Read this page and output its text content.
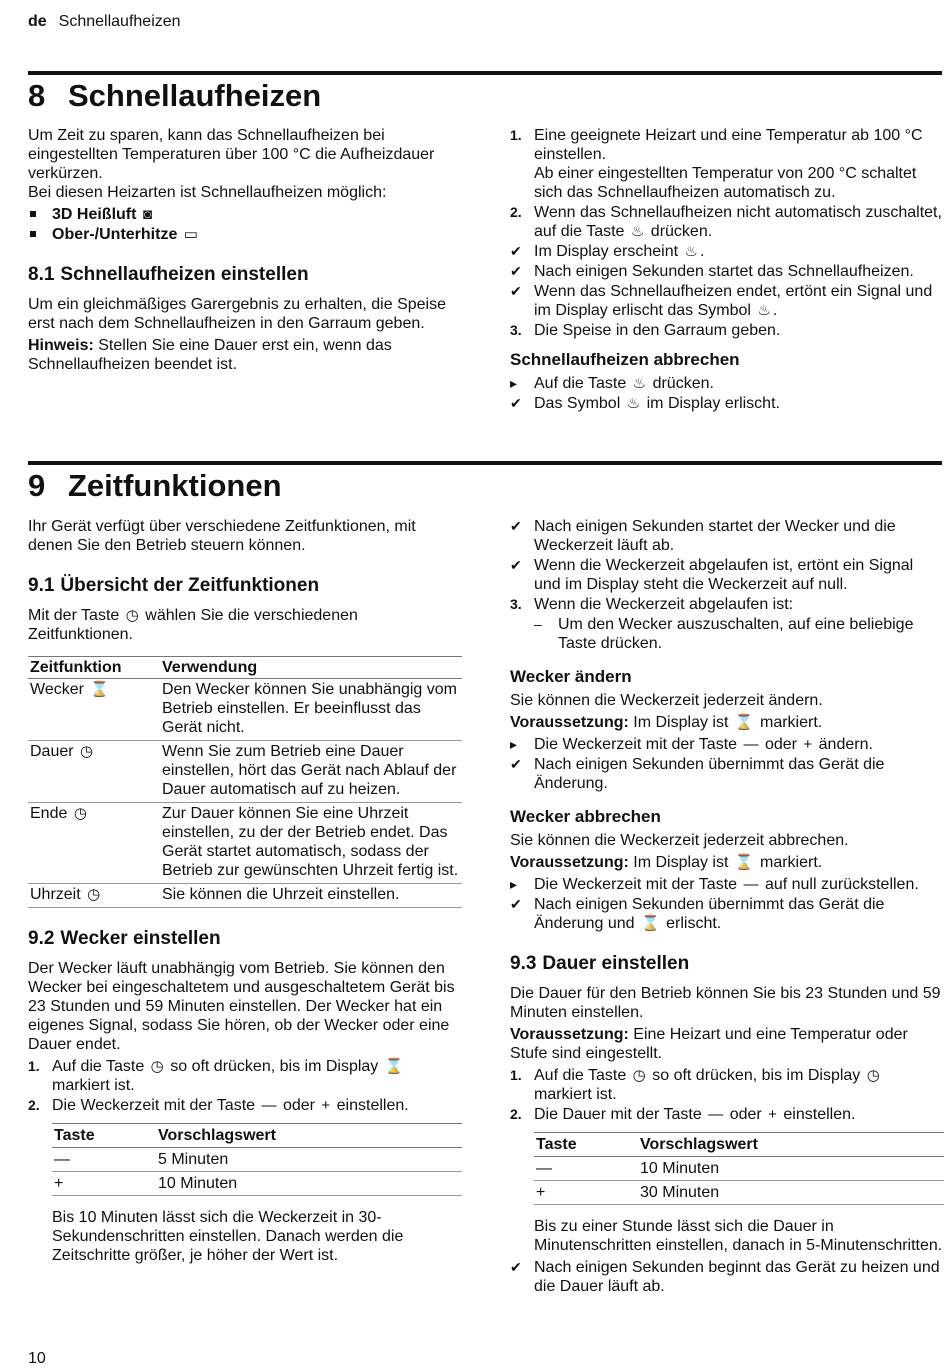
de Schnellaufheizen
8 Schnellaufheizen

Um Zeit zu sparen, kann das Schnellaufheizen bei eingestellten Temperaturen über 100 °C die Aufheizdauer verkürzen.

Bei diesen Heizarten ist Schnellaufheizen möglich:

3D Heißluft ◙
Ober-/Unterhitze ▭
8.1 Schnellaufheizen einstellen

Um ein gleichmäßiges Garergebnis zu erhalten, die Speise erst nach dem Schnellaufheizen in den Garraum geben.

Hinweis: Stellen Sie eine Dauer erst ein, wenn das Schnellaufheizen beendet ist.

1. Eine geeignete Heizart und eine Temperatur ab 100 °C einstellen.
Ab einer eingestellten Temperatur von 200 °C schaltet sich das Schnellaufheizen automatisch zu.
2. Wenn das Schnellaufheizen nicht automatisch zuschaltet, auf die Taste ♨ drücken.
✔ Im Display erscheint ♨ .
✔ Nach einigen Sekunden startet das Schnellaufheizen.
✔ Wenn das Schnellaufheizen endet, ertönt ein Signal und im Display erlischt das Symbol ♨ .
3. Die Speise in den Garraum geben.
Schnellaufheizen abbrechen
▸	Auf die Taste ♨ drücken.
✔ Das Symbol ♨ im Display erlischt.
9 Zeitfunktionen

Ihr Gerät verfügt über verschiedene Zeitfunktionen, mit denen Sie den Betrieb steuern können.

9.1 Übersicht der Zeitfunktionen

Mit der Taste ◷ wählen Sie die verschiedenen Zeitfunktionen.

Zeitfunktion	Verwendung
Wecker ⌛	Den Wecker können Sie unabhängig vom Betrieb einstellen. Er beeinflusst das Gerät nicht.
Dauer ◷	Wenn Sie zum Betrieb eine Dauer einstellen, hört das Gerät nach Ablauf der Dauer automatisch auf zu heizen.
Ende ◷	Zur Dauer können Sie eine Uhrzeit einstellen, zu der der Betrieb endet. Das Gerät startet automatisch, sodass der Betrieb zur gewünschten Uhrzeit fertig ist.
Uhrzeit ◷	Sie können die Uhrzeit einstellen.
9.2 Wecker einstellen

Der Wecker läuft unabhängig vom Betrieb. Sie können den Wecker bei eingeschaltetem und ausgeschaltetem Gerät bis 23 Stunden und 59 Minuten einstellen. Der Wecker hat ein eigenes Signal, sodass Sie hören, ob der Wecker oder eine Dauer endet.

1. Auf die Taste ◷ so oft drücken, bis im Display ⌛ markiert ist.
2. Die Weckerzeit mit der Taste — oder + einstellen.
Taste	Vorschlagswert
—	5 Minuten
+	10 Minuten

Bis 10 Minuten lässt sich die Weckerzeit in 30-Sekundenschritten einstellen. Danach werden die Zeitschritte größer, je höher der Wert ist.

✔ Nach einigen Sekunden startet der Wecker und die Weckerzeit läuft ab.
✔ Wenn die Weckerzeit abgelaufen ist, ertönt ein Signal und im Display steht die Weckerzeit auf null.
3. Wenn die Weckerzeit abgelaufen ist:
–	Um den Wecker auszuschalten, auf eine beliebige Taste drücken.
Wecker ändern

Sie können die Weckerzeit jederzeit ändern.

Voraussetzung: Im Display ist ⌛ markiert.

▸	Die Weckerzeit mit der Taste — oder + ändern.
✔ Nach einigen Sekunden übernimmt das Gerät die Änderung.
Wecker abbrechen

Sie können die Weckerzeit jederzeit abbrechen.

Voraussetzung: Im Display ist ⌛ markiert.

▸	Die Weckerzeit mit der Taste — auf null zurückstellen.
✔ Nach einigen Sekunden übernimmt das Gerät die Änderung und ⌛ erlischt.
9.3 Dauer einstellen

Die Dauer für den Betrieb können Sie bis 23 Stunden und 59 Minuten einstellen.

Voraussetzung: Eine Heizart und eine Temperatur oder Stufe sind eingestellt.

1. Auf die Taste ◷ so oft drücken, bis im Display ◷ markiert ist.
2. Die Dauer mit der Taste — oder + einstellen.
Taste	Vorschlagswert
—	10 Minuten
+	30 Minuten

Bis zu einer Stunde lässt sich die Dauer in Minutenschritten einstellen, danach in 5-Minutenschritten.

✔ Nach einigen Sekunden beginnt das Gerät zu heizen und die Dauer läuft ab.
10
